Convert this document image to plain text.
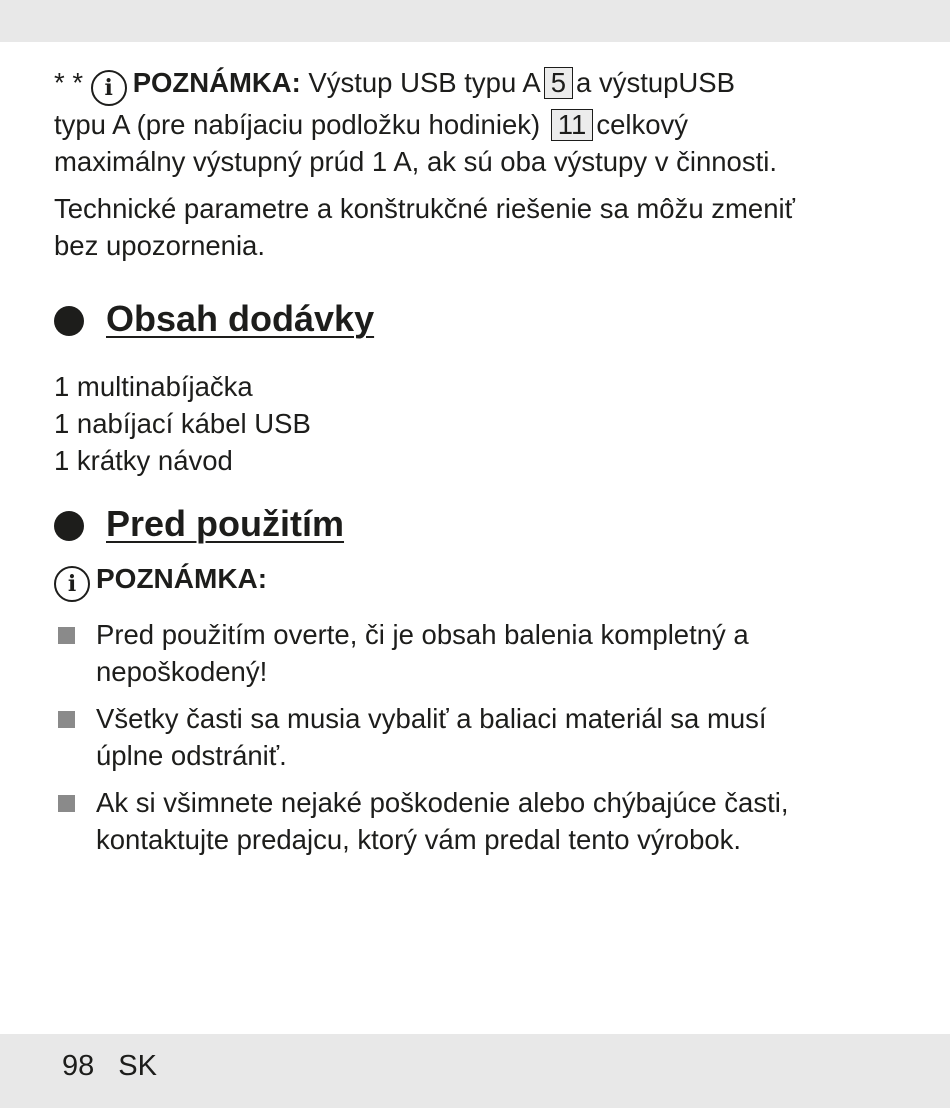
* * i POZNÁMKA: Výstup USB typu A 5 a výstupUSB
typu A (pre nabíjaciu podložku hodiniek) 11 celkový
maximálny výstupný prúd 1 A, ak sú oba výstupy v činnosti.
Technické parametre a konštrukčné riešenie sa môžu zmeniť
bez upozornenia.
Obsah dodávky
1 multinabíjačka
1 nabíjací kábel USB
1 krátky návod
Pred použitím
i POZNÁMKA:
Pred použitím overte, či je obsah balenia kompletný a
nepoškodený!
Všetky časti sa musia vybaliť a baliaci materiál sa musí
úplne odstrániť.
Ak si všimnete nejaké poškodenie alebo chýbajúce časti,
kontaktujte predajcu, ktorý vám predal tento výrobok.
98 SK
